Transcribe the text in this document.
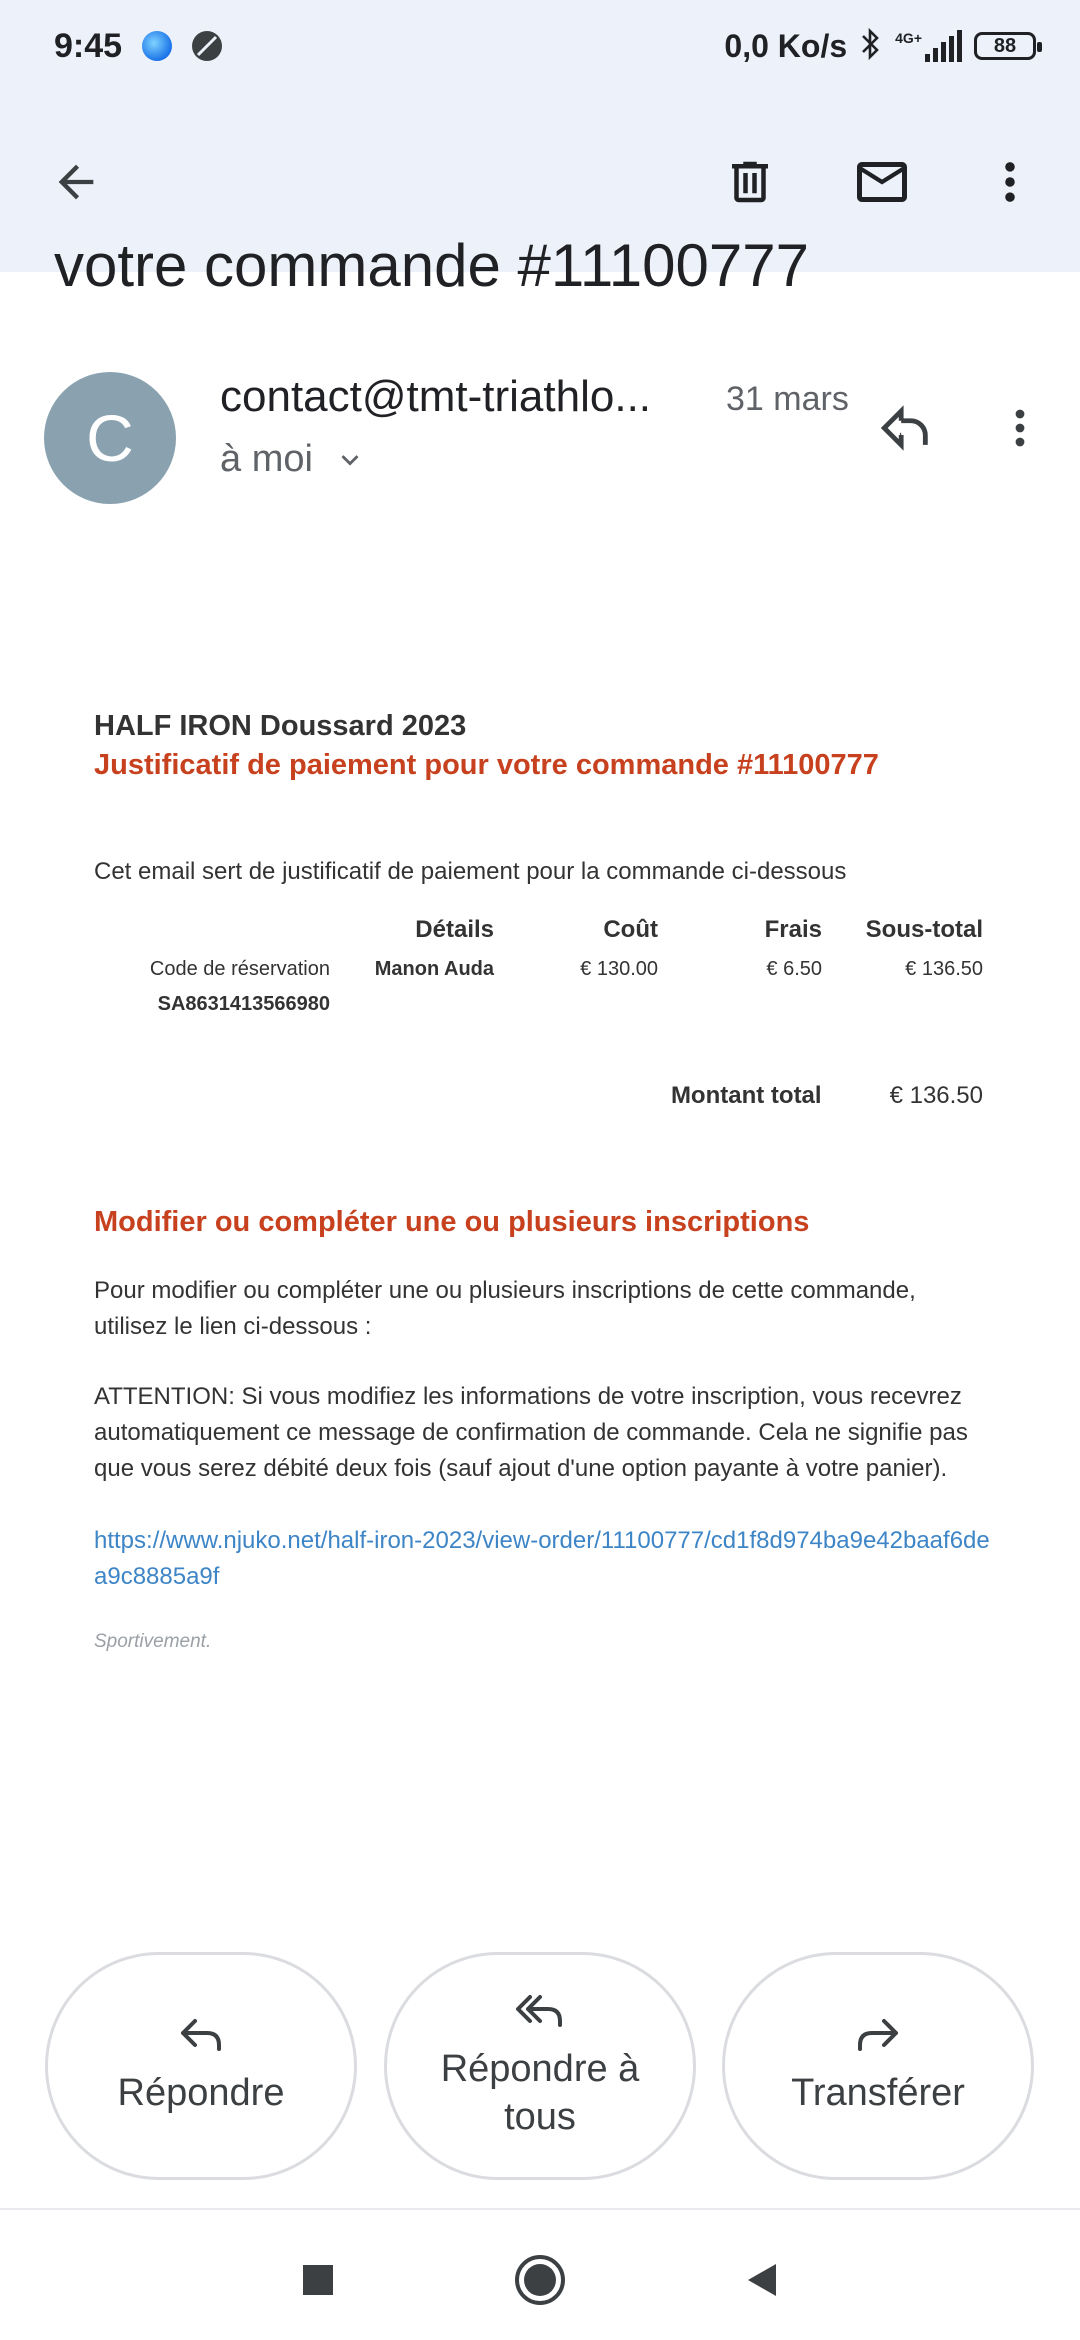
9:45	0,0 Ko/s	4G+	88
votre commande #11100777
C
contact@tmt-triathlo... 31 mars
à moi
HALF IRON Doussard 2023
Justificatif de paiement pour votre commande #11100777
Cet email sert de justificatif de paiement pour la commande ci-dessous
	Détails	Coût	Frais	Sous-total
Code de réservation
SA8631413566980	Manon Auda	€ 130.00	€ 6.50	€ 136.50
Montant total	€ 136.50
Modifier ou compléter une ou plusieurs inscriptions
Pour modifier ou compléter une ou plusieurs inscriptions de cette commande, utilisez le lien ci-dessous :
ATTENTION: Si vous modifiez les informations de votre inscription, vous recevrez automatiquement ce message de confirmation de commande. Cela ne signifie pas que vous serez débité deux fois (sauf ajout d'une option payante à votre panier).
https://www.njuko.net/half-iron-2023/view-order/11100777/cd1f8d974ba9e42baaf6dea9c8885a9f
Sportivement.
Répondre
Répondre à tous
Transférer
